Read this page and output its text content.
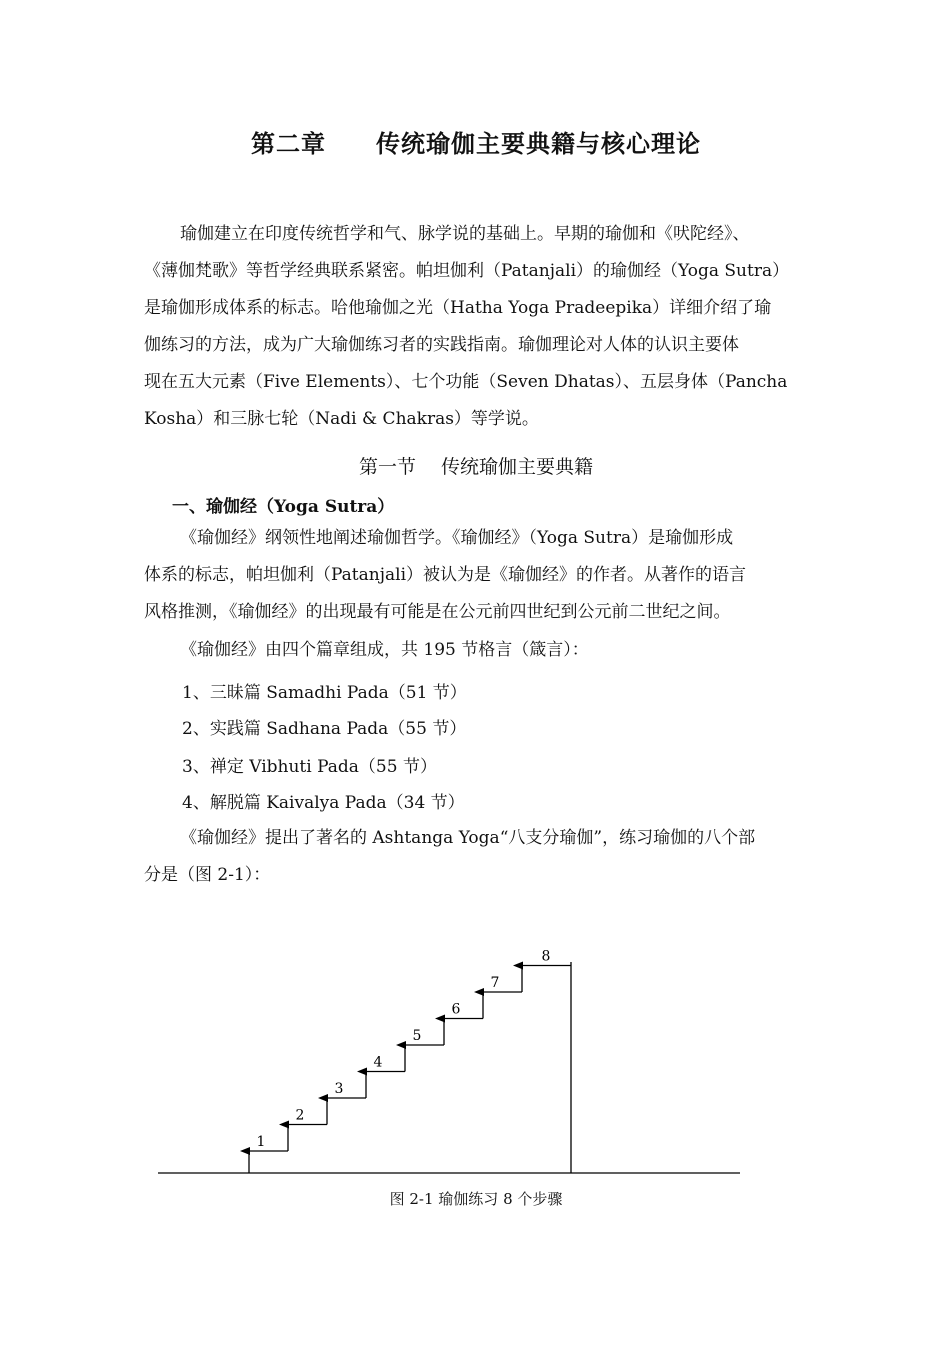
第二章　　传统瑜伽主要典籍与核心理论
瑜伽建立在印度传统哲学和气、脉学说的基础上。早期的瑜伽和《吠陀经》、
《薄伽梵歌》等哲学经典联系紧密。帕坦伽利（Patanjali）的瑜伽经（Yoga Sutra）
是瑜伽形成体系的标志。哈他瑜伽之光（Hatha Yoga Pradeepika）详细介绍了瑜
伽练习的方法，成为广大瑜伽练习者的实践指南。瑜伽理论对人体的认识主要体
现在五大元素（Five Elements）、七个功能（Seven Dhatas）、五层身体（Pancha
Kosha）和三脉七轮（Nadi & Chakras）等学说。
第一节　 传统瑜伽主要典籍
一、瑜伽经（Yoga Sutra）
《瑜伽经》纲领性地阐述瑜伽哲学。《瑜伽经》（Yoga Sutra）是瑜伽形成
体系的标志，帕坦伽利（Patanjali）被认为是《瑜伽经》的作者。从著作的语言
风格推测，《瑜伽经》的出现最有可能是在公元前四世纪到公元前二世纪之间。
《瑜伽经》由四个篇章组成，共 195 节格言（箴言）：
1、三昧篇 Samadhi Pada（51 节）
2、实践篇 Sadhana Pada（55 节）
3、禅定 Vibhuti Pada（55 节）
4、解脱篇 Kaivalya Pada（34 节）
《瑜伽经》提出了著名的 Ashtanga Yoga“八支分瑜伽”，练习瑜伽的八个部
分是（图 2-1）：
1
2
3
4
5
6
7
8
图 2-1 瑜伽练习 8 个步骤
